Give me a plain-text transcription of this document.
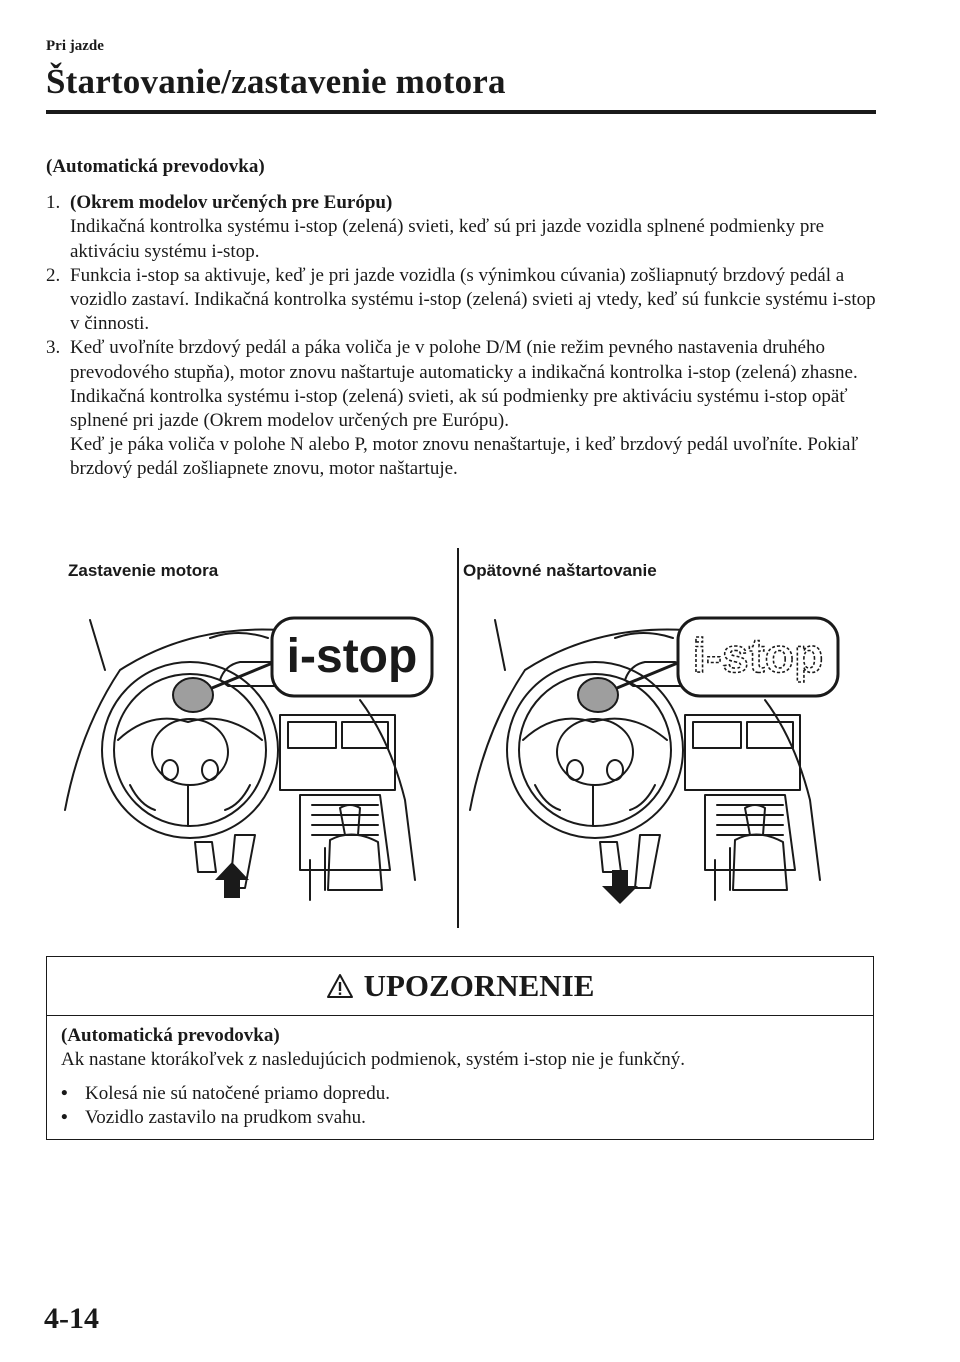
Pri jazde
Štartovanie/zastavenie motora
(Automatická prevodovka)
1. (Okrem modelov určených pre Európu)
Indikačná kontrolka systému i-stop (zelená) svieti, keď sú pri jazde vozidla splnené podmienky pre aktiváciu systému i-stop.
2. Funkcia i-stop sa aktivuje, keď je pri jazde vozidla (s výnimkou cúvania) zošliapnutý brzdový pedál a vozidlo zastaví. Indikačná kontrolka systému i-stop (zelená) svieti aj vtedy, keď sú funkcie systému i-stop v činnosti.
3. Keď uvoľníte brzdový pedál a páka voliča je v polohe D/M (nie režim pevného nastavenia druhého prevodového stupňa), motor znovu naštartuje automaticky a indikačná kontrolka i-stop (zelená) zhasne. Indikačná kontrolka systému i-stop (zelená) svieti, ak sú podmienky pre aktiváciu systému i-stop opäť splnené pri jazde (Okrem modelov určených pre Európu).
Keď je páka voliča v polohe N alebo P, motor znovu nenaštartuje, i keď brzdový pedál uvoľníte. Pokiaľ brzdový pedál zošliapnete znovu, motor naštartuje.
Zastavenie motora	Opätovné naštartovanie
i-stop	i-stop
UPOZORNENIE
(Automatická prevodovka)
Ak nastane ktorákoľvek z nasledujúcich podmienok, systém i-stop nie je funkčný.
• Kolesá nie sú natočené priamo dopredu.
• Vozidlo zastavilo na prudkom svahu.
4-14
